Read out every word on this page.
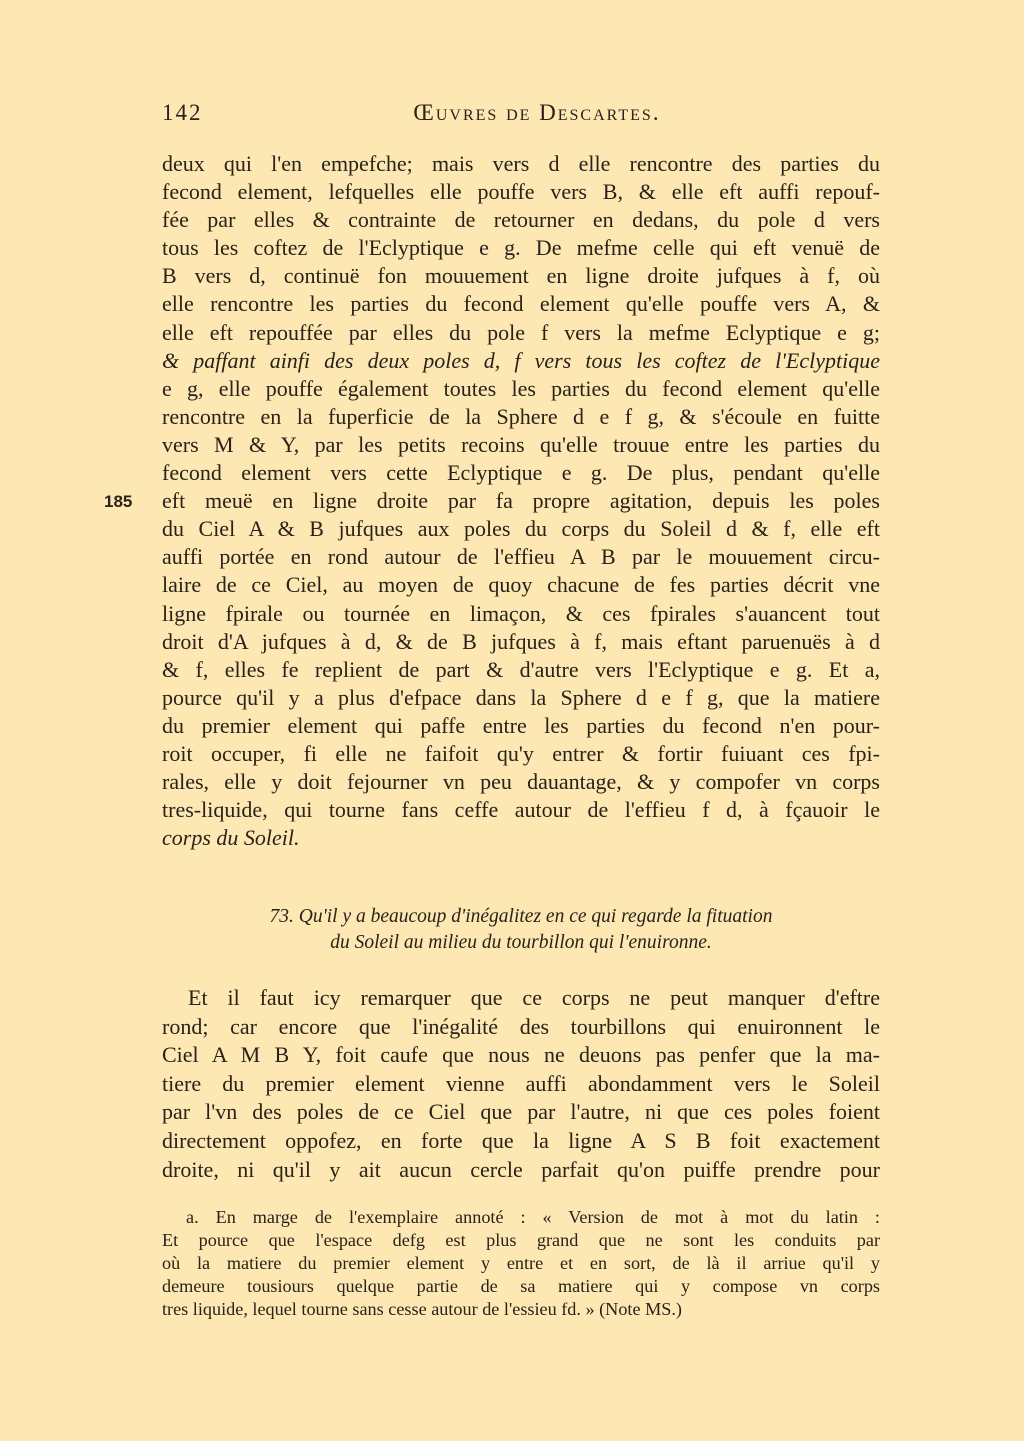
142	Œuvres de Descartes.
185
deux qui l'en empefche; mais vers d elle rencontre des parties du
fecond element, lefquelles elle pouffe vers B, & elle eft auffi repouf-
fée par elles & contrainte de retourner en dedans, du pole d vers
tous les coftez de l'Eclyptique e g. De mefme celle qui eft venuë de
B vers d, continuë fon mouuement en ligne droite jufques à f, où
elle rencontre les parties du fecond element qu'elle pouffe vers A, &
elle eft repouffée par elles du pole f vers la mefme Eclyptique e g;
& paffant ainfi des deux poles d, f vers tous les coftez de l'Eclyptique
e g, elle pouffe également toutes les parties du fecond element qu'elle
rencontre en la fuperficie de la Sphere d e f g, & s'écoule en fuitte
vers M & Y, par les petits recoins qu'elle trouue entre les parties du
fecond element vers cette Eclyptique e g. De plus, pendant qu'elle
eft meuë en ligne droite par fa propre agitation, depuis les poles
du Ciel A & B jufques aux poles du corps du Soleil d & f, elle eft
auffi portée en rond autour de l'effieu A B par le mouuement circu-
laire de ce Ciel, au moyen de quoy chacune de fes parties décrit vne
ligne fpirale ou tournée en limaçon, & ces fpirales s'auancent tout
droit d'A jufques à d, & de B jufques à f, mais eftant paruenuës à d
& f, elles fe replient de part & d'autre vers l'Eclyptique e g. Et a,
pource qu'il y a plus d'efpace dans la Sphere d e f g, que la matiere
du premier element qui paffe entre les parties du fecond n'en pour-
roit occuper, fi elle ne faifoit qu'y entrer & fortir fuiuant ces fpi-
rales, elle y doit fejourner vn peu dauantage, & y compofer vn corps
tres-liquide, qui tourne fans ceffe autour de l'effieu f d, à fçauoir le
corps du Soleil.
73. Qu'il y a beaucoup d'inégalitez en ce qui regarde la fituation
du Soleil au milieu du tourbillon qui l'enuironne.
Et il faut icy remarquer que ce corps ne peut manquer d'eftre
rond; car encore que l'inégalité des tourbillons qui enuironnent le
Ciel A M B Y, foit caufe que nous ne deuons pas penfer que la ma-
tiere du premier element vienne auffi abondamment vers le Soleil
par l'vn des poles de ce Ciel que par l'autre, ni que ces poles foient
directement oppofez, en forte que la ligne A S B foit exactement
droite, ni qu'il y ait aucun cercle parfait qu'on puiffe prendre pour
a. En marge de l'exemplaire annoté : « Version de mot à mot du latin :
Et pource que l'espace defg est plus grand que ne sont les conduits par
où la matiere du premier element y entre et en sort, de là il arriue qu'il y
demeure tousiours quelque partie de sa matiere qui y compose vn corps
tres liquide, lequel tourne sans cesse autour de l'essieu fd. » (Note MS.)
